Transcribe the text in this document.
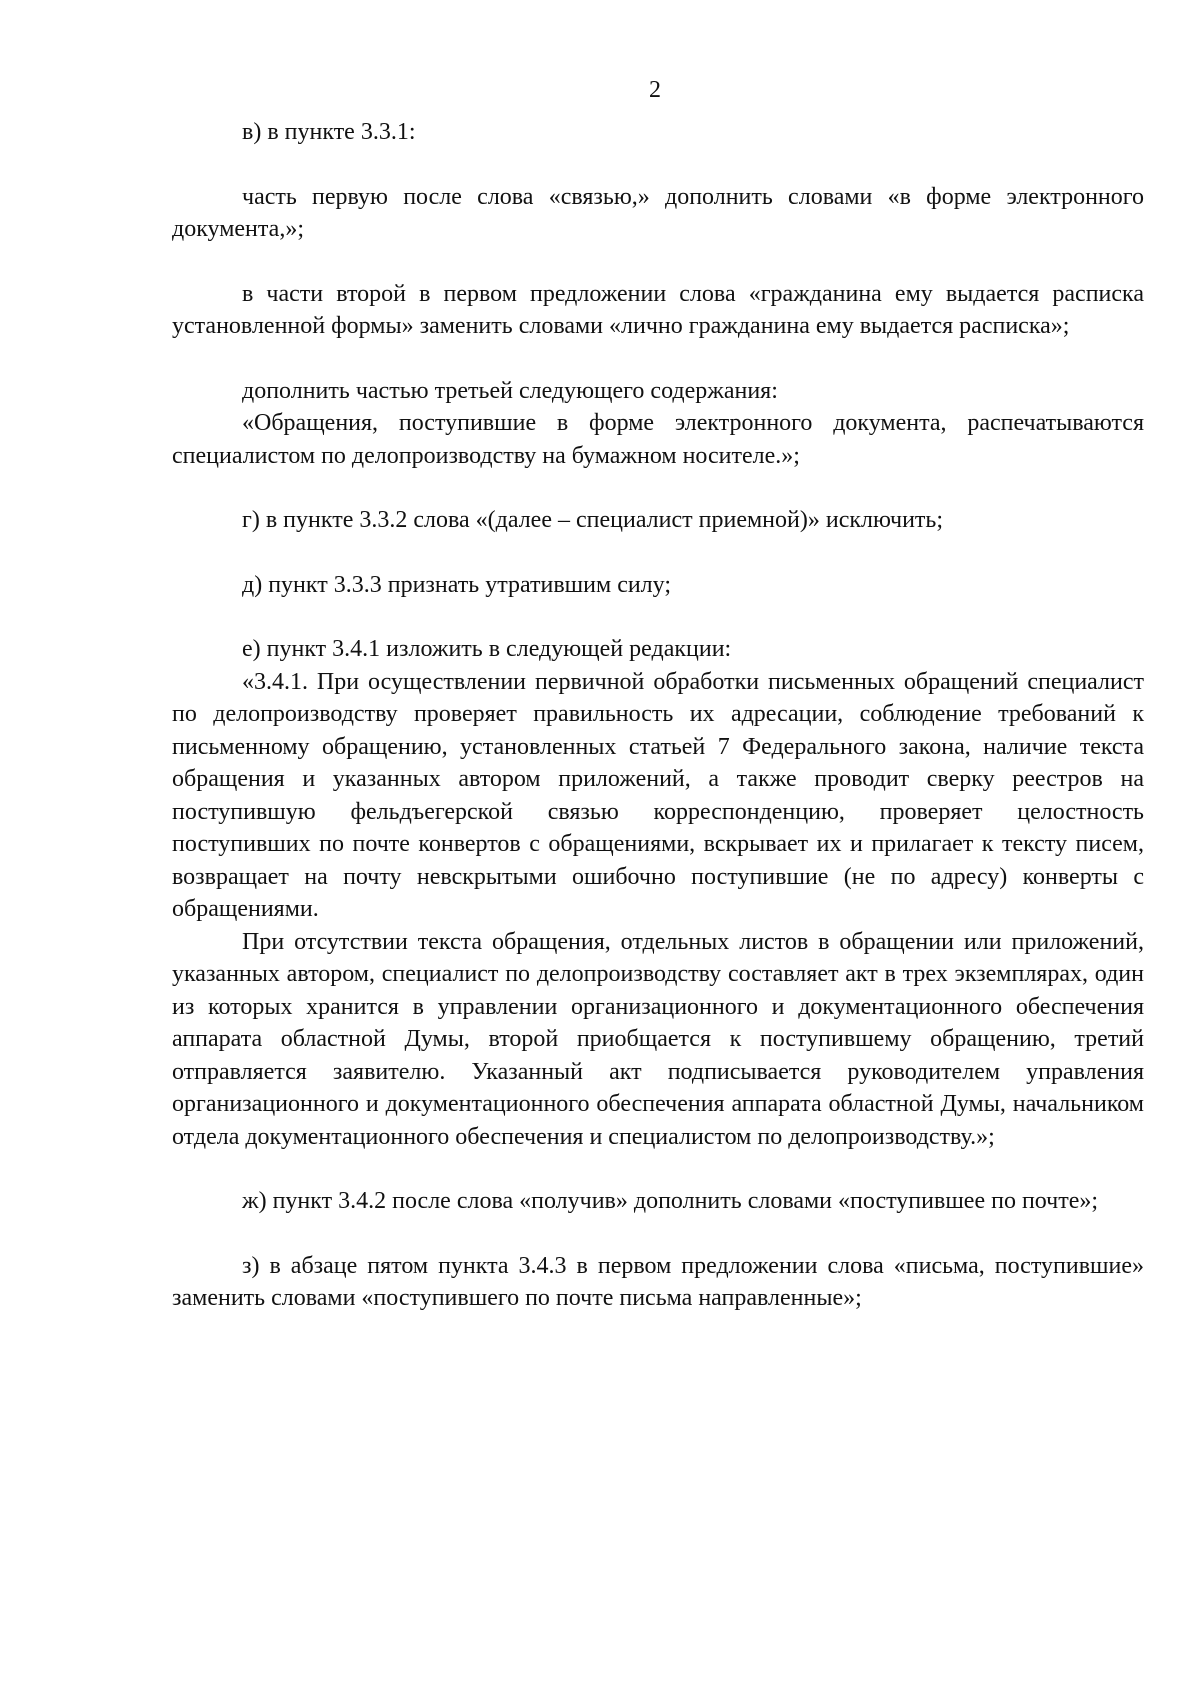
2

в) в пункте 3.3.1:

часть первую после слова «связью,» дополнить словами «в форме электронного документа,»;

в части второй в первом предложении слова «гражданина ему выдается расписка установленной формы» заменить словами «лично гражданина ему выдается расписка»;

дополнить частью третьей следующего содержания:

«Обращения, поступившие в форме электронного документа, распечатываются специалистом по делопроизводству на бумажном носителе.»;

г) в пункте 3.3.2 слова «(далее – специалист приемной)» исключить;

д) пункт 3.3.3 признать утратившим силу;

е) пункт 3.4.1 изложить в следующей редакции:

«3.4.1. При осуществлении первичной обработки письменных обращений специалист по делопроизводству проверяет правильность их адресации, соблюдение требований к письменному обращению, установленных статьей 7 Федерального закона, наличие текста обращения и указанных автором приложений, а также проводит сверку реестров на поступившую фельдъегерской связью корреспонденцию, проверяет целостность поступивших по почте конвертов с обращениями, вскрывает их и прилагает к тексту писем, возвращает на почту невскрытыми ошибочно поступившие (не по адресу) конверты с обращениями.

При отсутствии текста обращения, отдельных листов в обращении или приложений, указанных автором, специалист по делопроизводству составляет акт в трех экземплярах, один из которых хранится в управлении организационного и документационного обеспечения аппарата областной Думы, второй приобщается к поступившему обращению, третий отправляется заявителю. Указанный акт подписывается руководителем управления организационного и документационного обеспечения аппарата областной Думы, начальником отдела документационного обеспечения и специалистом по делопроизводству.»;

ж) пункт 3.4.2 после слова «получив» дополнить словами «поступившее по почте»;

з) в абзаце пятом пункта 3.4.3 в первом предложении слова «письма, поступившие» заменить словами «поступившего по почте письма направленные»;
